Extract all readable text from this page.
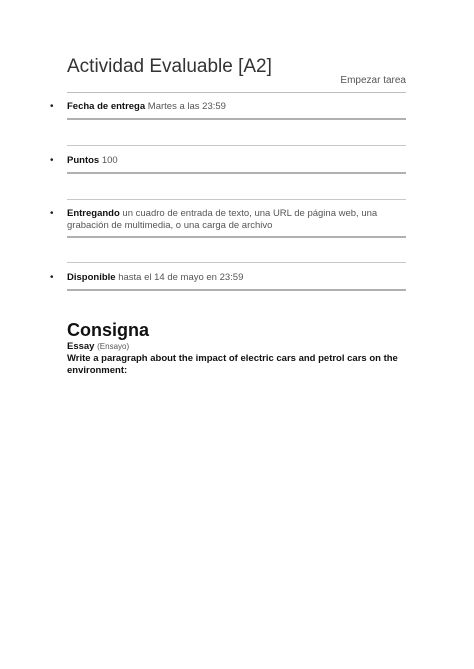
Actividad Evaluable [A2]
Empezar tarea
•	Fecha de entrega Martes a las 23:59
•	Puntos 100
•	Entregando un cuadro de entrada de texto, una URL de página web, una grabación de multimedia, o una carga de archivo
•	Disponible hasta el 14 de mayo en 23:59
Consigna
Essay (Ensayo)

Write a paragraph about the impact of electric cars and petrol cars on the environment:
